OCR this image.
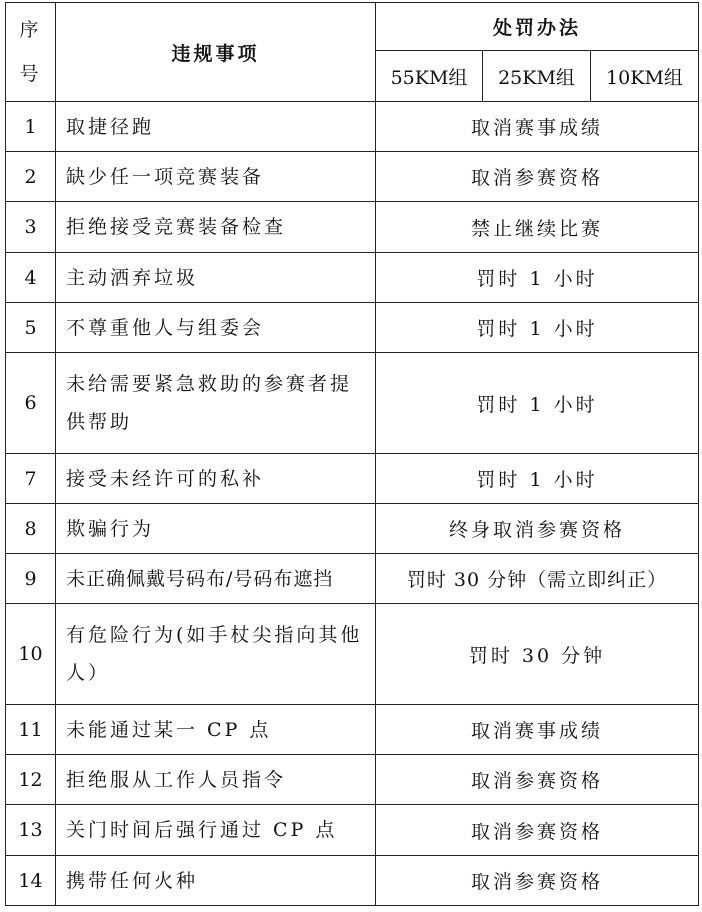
序
号	违规事项	处罚办法		
		55KM组	25KM组	10KM组
1	取捷径跑	取消赛事成绩		
2	缺少任一项竞赛装备	取消参赛资格		
3	拒绝接受竞赛装备检查	禁止继续比赛		
4	主动洒弃垃圾	罚时 1 小时		
5	不尊重他人与组委会	罚时 1 小时		
6	未给需要紧急救助的参赛者提供帮助	罚时 1 小时		
7	接受未经许可的私补	罚时 1 小时		
8	欺骗行为	终身取消参赛资格		
9	未正确佩戴号码布/号码布遮挡	罚时 30 分钟（需立即纠正）		
10	有危险行为(如手杖尖指向其他人）	罚时 30 分钟		
11	未能通过某一 CP 点	取消赛事成绩		
12	拒绝服从工作人员指令	取消参赛资格		
13	关门时间后强行通过 CP 点	取消参赛资格		
14	携带任何火种	取消参赛资格		
